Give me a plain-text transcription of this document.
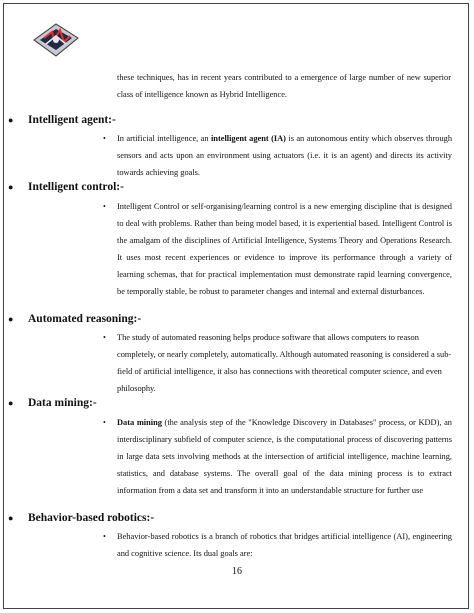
these techniques, has in recent years contributed to a emergence of large number of new superior class of intelligence known as Hybrid Intelligence.
● Intelligent agent:-
• In artificial intelligence, an intelligent agent (IA) is an autonomous entity which observes through sensors and acts upon an environment using actuators (i.e. it is an agent) and directs its activity towards achieving goals.
● Intelligent control:-
• Intelligent Control or self-organising/learning control is a new emerging discipline that is designed to deal with problems. Rather than being model based, it is experiential based. Intelligent Control is the amalgam of the disciplines of Artificial Intelligence, Systems Theory and Operations Research. It uses most recent experiences or evidence to improve its performance through a variety of learning schemas, that for practical implementation must demonstrate rapid learning convergence, be temporally stable, be robust to parameter changes and internal and external disturbances.
● Automated reasoning:-
• The study of automated reasoning helps produce software that allows computers to reason completely, or nearly completely, automatically. Although automated reasoning is considered a sub-field of artificial intelligence, it also has connections with theoretical computer science, and even philosophy.
● Data mining:-
• Data mining (the analysis step of the "Knowledge Discovery in Databases" process, or KDD), an interdisciplinary subfield of computer science, is the computational process of discovering patterns in large data sets involving methods at the intersection of artificial intelligence, machine learning, statistics, and database systems. The overall goal of the data mining process is to extract information from a data set and transform it into an understandable structure for further use
● Behavior-based robotics:-
• Behavior-based robotics is a branch of robotics that bridges artificial intelligence (AI), engineering and cognitive science. Its dual goals are:
16
